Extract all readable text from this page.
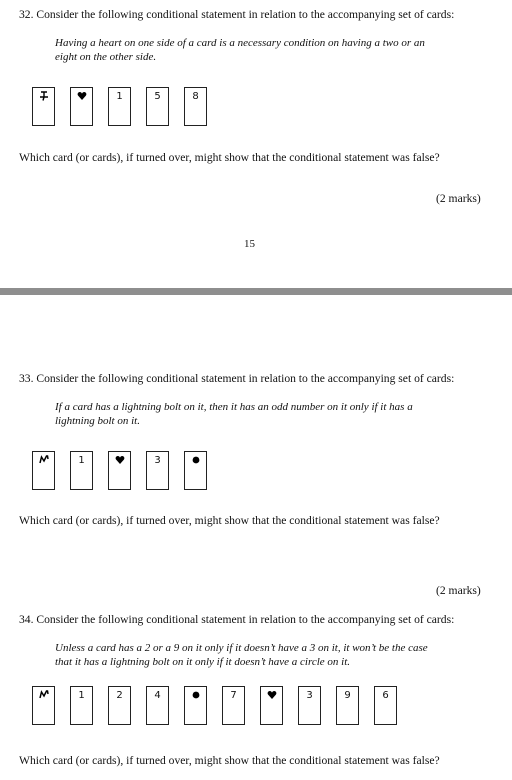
32. Consider the following conditional statement in relation to the accompanying set of cards:
Having a heart on one side of a card is a necessary condition on having a two or an
eight on the other side.
1	5	8
Which card (or cards), if turned over, might show that the conditional statement was false?
(2 marks)
15
33. Consider the following conditional statement in relation to the accompanying set of cards:
If a card has a lightning bolt on it, then it has an odd number on it only if it has a
lightning bolt on it.
1	3
Which card (or cards), if turned over, might show that the conditional statement was false?
(2 marks)
34. Consider the following conditional statement in relation to the accompanying set of cards:
Unless a card has a 2 or a 9 on it only if it doesn’t have a 3 on it, it won’t be the case
that it has a lightning bolt on it only if it doesn’t have a circle on it.
1	2	4	7	3	9	6
Which card (or cards), if turned over, might show that the conditional statement was false?
